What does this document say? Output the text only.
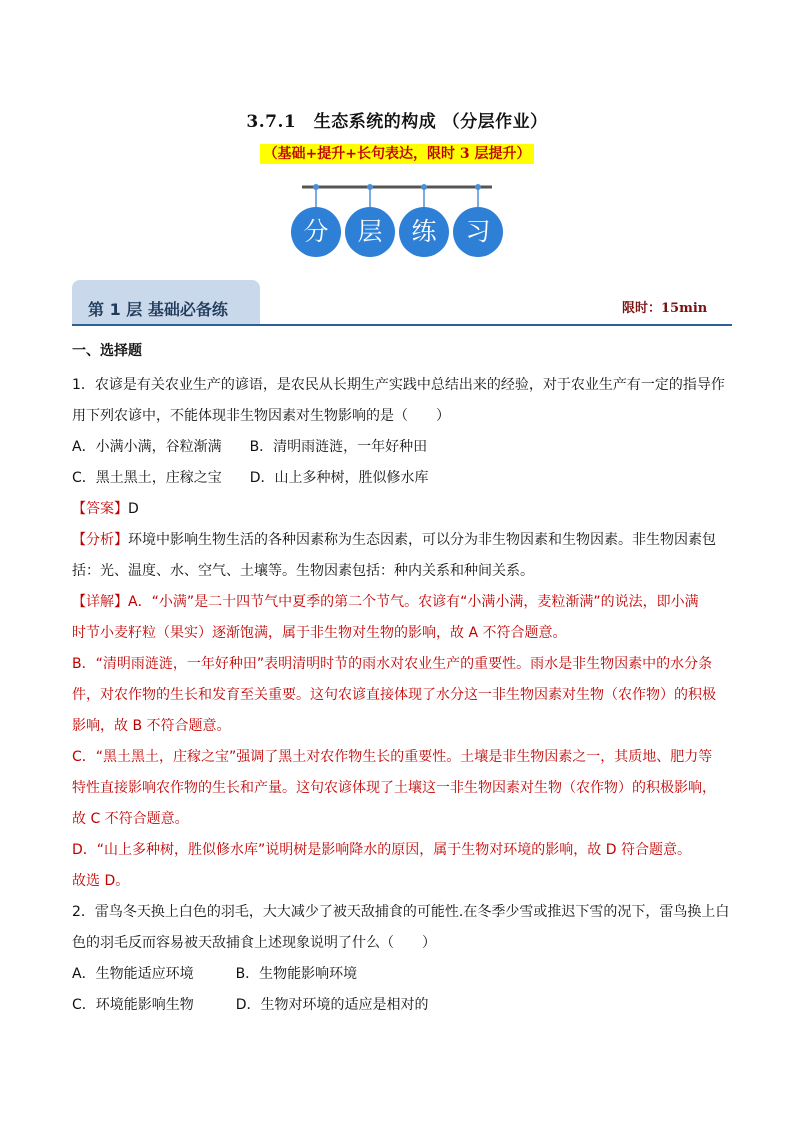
3.7.1　生态系统的构成 （分层作业）
（基础+提升+长句表达，限时 3 层提升）
分	层	练	习
第 1 层 基础必备练	限时：15min
一、选择题
1．农谚是有关农业生产的谚语，是农民从长期生产实践中总结出来的经验，对于农业生产有一定的指导作
用下列农谚中，不能体现非生物因素对生物影响的是（　　）
A．小满小满，谷粒渐满　　B．清明雨涟涟，一年好种田
C．黑土黑土，庄稼之宝　　D．山上多种树，胜似修水库
【答案】D
【分析】环境中影响生物生活的各种因素称为生态因素，可以分为非生物因素和生物因素。非生物因素包
括：光、温度、水、空气、土壤等。生物因素包括：种内关系和种间关系。
【详解】A．“小满”是二十四节气中夏季的第二个节气。农谚有“小满小满，麦粒渐满”的说法，即小满
时节小麦籽粒（果实）逐渐饱满，属于非生物对生物的影响，故 A 不符合题意。
B．“清明雨涟涟，一年好种田”表明清明时节的雨水对农业生产的重要性。雨水是非生物因素中的水分条
件，对农作物的生长和发育至关重要。这句农谚直接体现了水分这一非生物因素对生物（农作物）的积极
影响，故 B 不符合题意。
C．“黑土黑土，庄稼之宝”强调了黑土对农作物生长的重要性。土壤是非生物因素之一，其质地、肥力等
特性直接影响农作物的生长和产量。这句农谚体现了土壤这一非生物因素对生物（农作物）的积极影响，
故 C 不符合题意。
D．“山上多种树，胜似修水库”说明树是影响降水的原因，属于生物对环境的影响，故 D 符合题意。
故选 D。
2．雷鸟冬天换上白色的羽毛，大大减少了被天敌捕食的可能性.在冬季少雪或推迟下雪的况下，雷鸟换上白
色的羽毛反而容易被天敌捕食上述现象说明了什么（　　）
A．生物能适应环境　　　B．生物能影响环境
C．环境能影响生物　　　D．生物对环境的适应是相对的
